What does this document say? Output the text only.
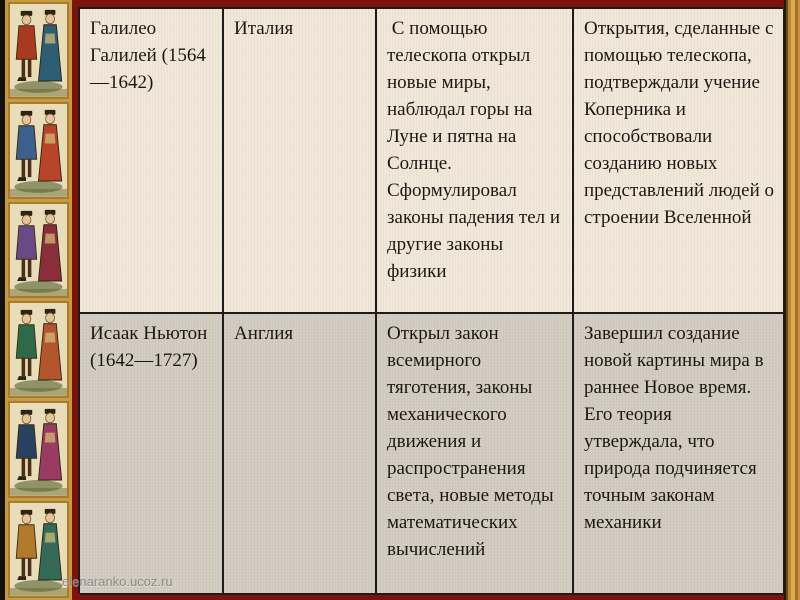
Галилео Галилей (1564—1642)
Италия	С помощью телескопа открыл новые миры, наблюдал горы на Луне и пятна на Солнце. Сформулировал законы падения тел и другие законы физики
Открытия, сделанные с помощью телескопа, подтверждали учение Коперника и способствовали созданию новых представлений людей о строении Вселенной
Исаак Ньютон (1642—1727)
Англия	Открыл закон всемирного тяготения, законы механического движения и распространения света, новые методы математических вычислений
Завершил создание новой картины мира в раннее Новое время. Его теория утверждала, что природа подчиняется точным законам механики
elenaranko.ucoz.ru
